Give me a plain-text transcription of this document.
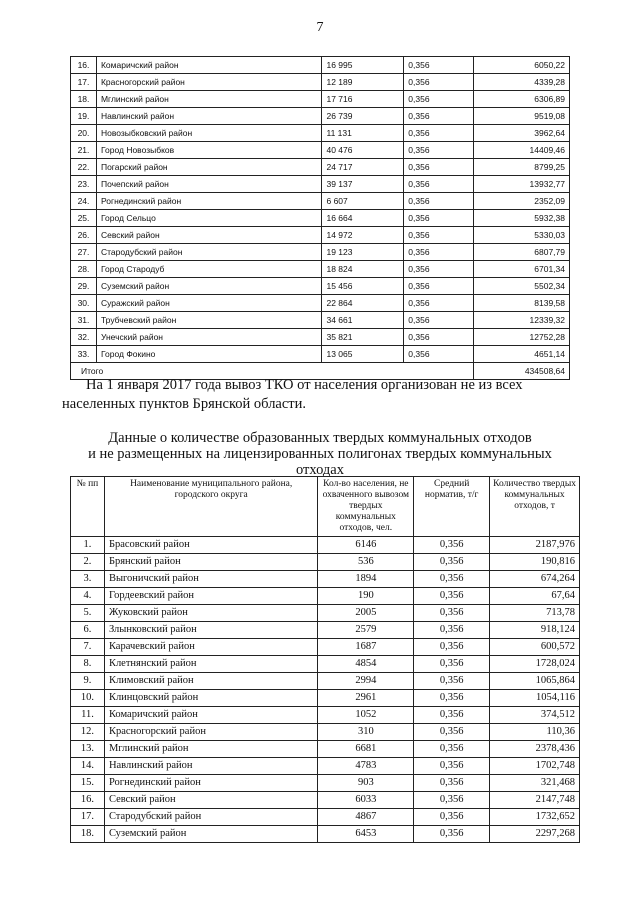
7
16.	Комаричский район	16 995	0,356	6050,22
17.	Красногорский район	12 189	0,356	4339,28
18.	Мглинский район	17 716	0,356	6306,89
19.	Навлинский район	26 739	0,356	9519,08
20.	Новозыбковский район	11 131	0,356	3962,64
21.	Город Новозыбков	40 476	0,356	14409,46
22.	Погарский район	24 717	0,356	8799,25
23.	Почепский район	39 137	0,356	13932,77
24.	Рогнединский район	6 607	0,356	2352,09
25.	Город Сельцо	16 664	0,356	5932,38
26.	Севский район	14 972	0,356	5330,03
27.	Стародубский район	19 123	0,356	6807,79
28.	Город Стародуб	18 824	0,356	6701,34
29.	Суземский район	15 456	0,356	5502,34
30.	Суражский район	22 864	0,356	8139,58
31.	Трубчевский район	34 661	0,356	12339,32
32.	Унечский район	35 821	0,356	12752,28
33.	Город Фокино	13 065	0,356	4651,14
Итого				434508,64
На 1 января 2017 года вывоз ТКО от населения организован не из всех населенных пунктов Брянской области.
Данные о количестве образованных твердых коммунальных отходов
и не размещенных на лицензированных полигонах твердых коммунальных
отходах
№ пп	Наименование муниципального района, городского округа	Кол-во населения, не охваченного вывозом твердых коммунальных отходов, чел.	Средний норматив, т/г	Количество твердых коммунальных отходов, т
1.	Брасовский район	6146	0,356	2187,976
2.	Брянский район	536	0,356	190,816
3.	Выгоничский район	1894	0,356	674,264
4.	Гордеевский район	190	0,356	67,64
5.	Жуковский район	2005	0,356	713,78
6.	Злынковский район	2579	0,356	918,124
7.	Карачевский район	1687	0,356	600,572
8.	Клетнянский район	4854	0,356	1728,024
9.	Климовский район	2994	0,356	1065,864
10.	Клинцовский район	2961	0,356	1054,116
11.	Комаричский район	1052	0,356	374,512
12.	Красногорский район	310	0,356	110,36
13.	Мглинский район	6681	0,356	2378,436
14.	Навлинский район	4783	0,356	1702,748
15.	Рогнединский район	903	0,356	321,468
16.	Севский район	6033	0,356	2147,748
17.	Стародубский район	4867	0,356	1732,652
18.	Суземский район	6453	0,356	2297,268
